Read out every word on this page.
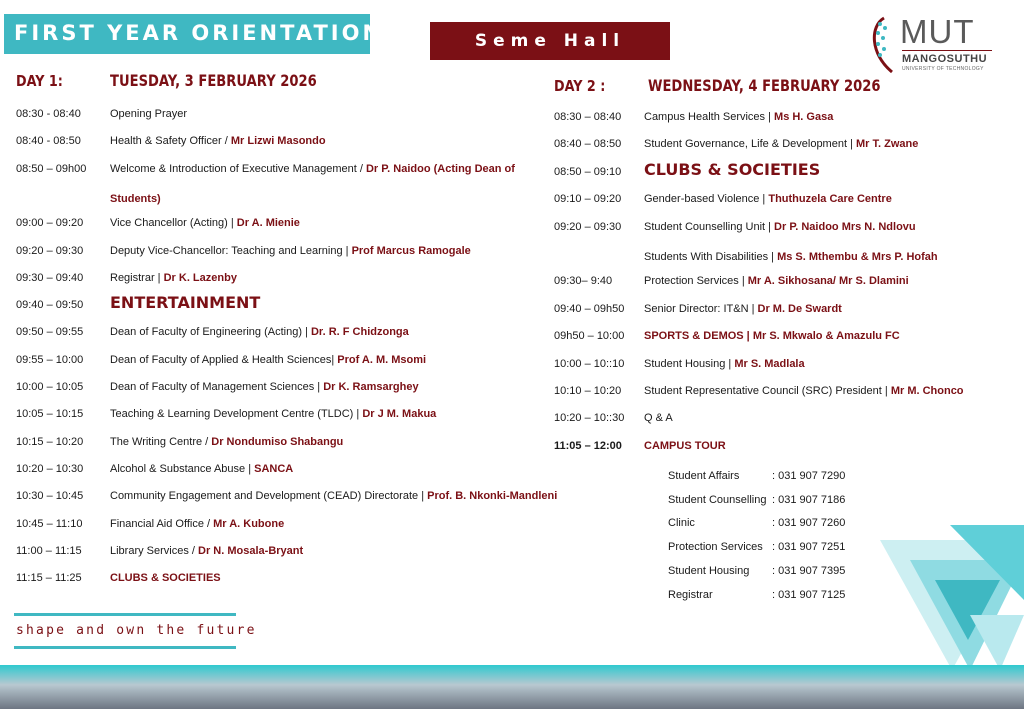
FIRST YEAR ORIENTATION	Seme Hall	MUT
MANGOSUTHU
UNIVERSITY OF TECHNOLOGY
DAY 1:	TUESDAY, 3 FEBRUARY 2026
08:30 - 08:40	Opening Prayer
08:40 - 08:50	Health & Safety Officer / Mr Lizwi Masondo
08:50 – 09h00 Welcome & Introduction of Executive Management / Dr P. Naidoo (Acting Dean of
Students)
09:00 – 09:20 Vice Chancellor (Acting) | Dr A. Mienie
09:20 – 09:30 Deputy Vice-Chancellor: Teaching and Learning | Prof Marcus Ramogale
09:30 – 09:40 Registrar | Dr K. Lazenby
09:40 – 09:50 ENTERTAINMENT
09:50 – 09:55 Dean of Faculty of Engineering (Acting) | Dr. R. F Chidzonga
09:55 – 10:00 Dean of Faculty of Applied & Health Sciences| Prof A. M. Msomi
10:00 – 10:05 Dean of Faculty of Management Sciences | Dr K. Ramsarghey
10:05 – 10:15 Teaching & Learning Development Centre (TLDC) | Dr J M. Makua
10:15 – 10:20 The Writing Centre / Dr Nondumiso Shabangu
10:20 – 10:30 Alcohol & Substance Abuse | SANCA
10:30 – 10:45 Community Engagement and Development (CEAD) Directorate | Prof. B. Nkonki-Mandleni
10:45 – 11:10	Financial Aid Office / Mr A. Kubone
11:00 – 11:15	Library Services / Dr N. Mosala-Bryant
11:15 – 11:25	CLUBS & SOCIETIES
DAY 2 :	WEDNESDAY, 4 FEBRUARY 2026
08:30 – 08:40 Campus Health Services | Ms H. Gasa
08:40 – 08:50 Student Governance, Life & Development | Mr T. Zwane
08:50 – 09:10 CLUBS & SOCIETIES
09:10 – 09:20 Gender-based Violence | Thuthuzela Care Centre
09:20 – 09:30 Student Counselling Unit | Dr P. Naidoo Mrs N. Ndlovu
Students With Disabilities | Ms S. Mthembu & Mrs P. Hofah
09:30– 9:40	Protection Services | Mr A. Sikhosana/ Mr S. Dlamini
09:40 – 09h50 Senior Director: IT&N | Dr M. De Swardt
09h50 – 10:00 SPORTS & DEMOS | Mr S. Mkwalo & Amazulu FC
10:00 – 10::10 Student Housing | Mr S. Madlala
10:10 – 10:20 Student Representative Council (SRC) President | Mr M. Chonco
10:20 – 10::30 Q & A
11:05 – 12:00 CAMPUS TOUR
Student Affairs	: 031 907 7290
Student Counselling : 031 907 7186
Clinic	: 031 907 7260
Protection Services : 031 907 7251
Student Housing : 031 907 7395
Registrar	: 031 907 7125
shape and own the future
